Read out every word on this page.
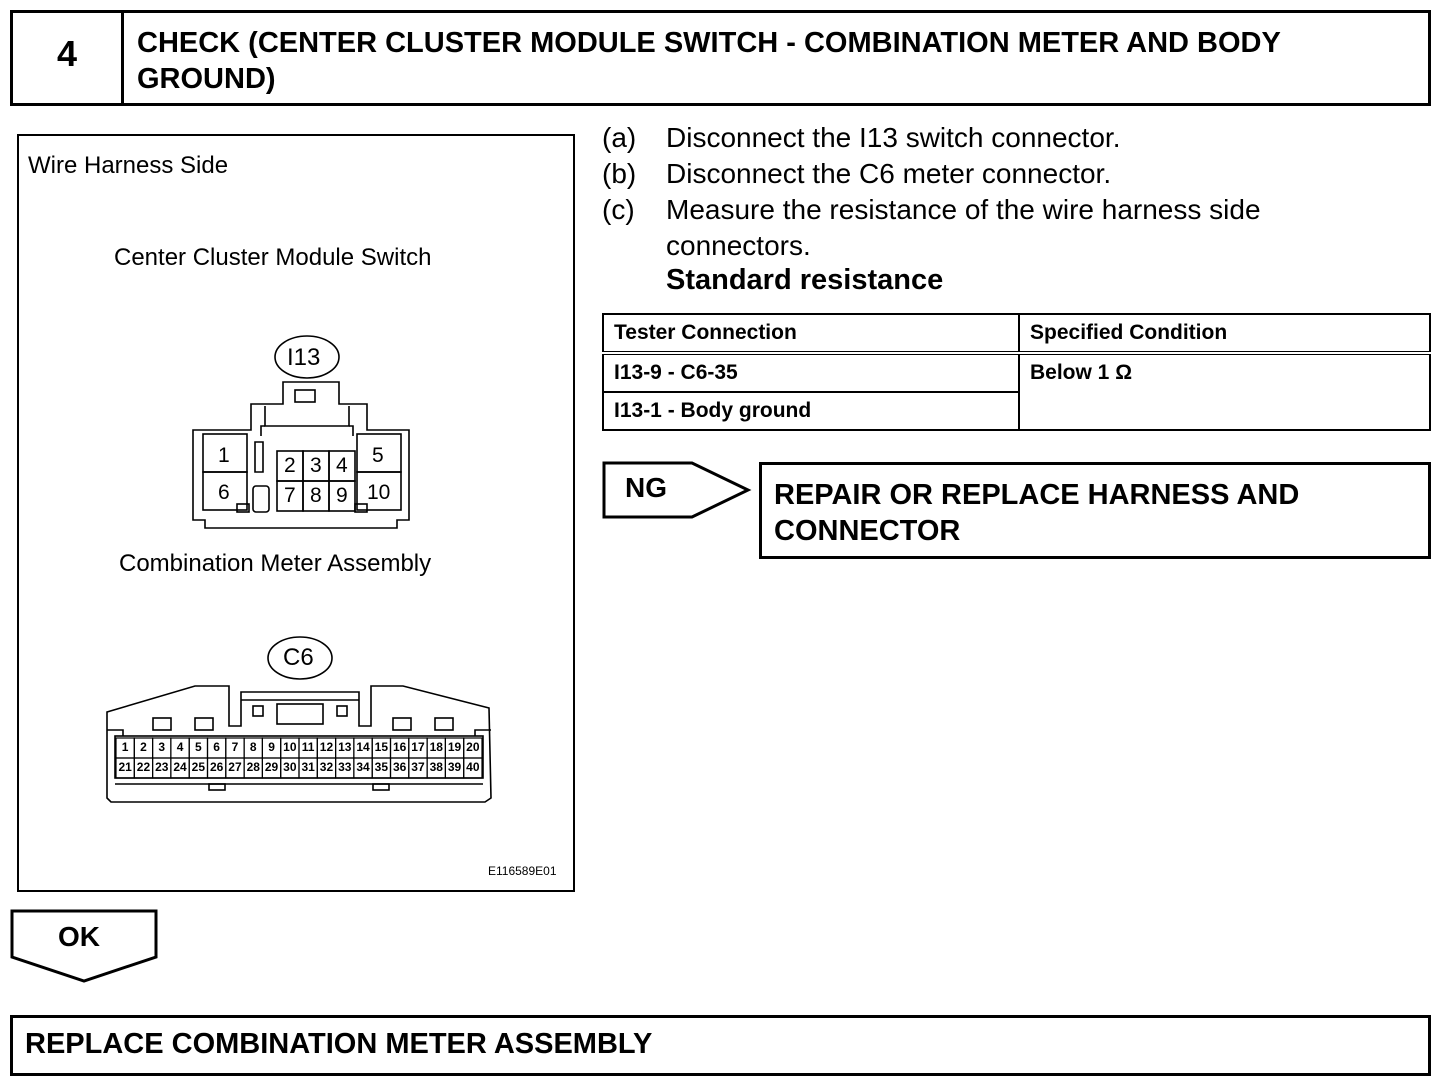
4	CHECK (CENTER CLUSTER MODULE SWITCH - COMBINATION METER AND BODY GROUND)
Wire Harness Side
Center Cluster Module Switch
Combination Meter Assembly
I13
1
6
5
10
2 3 4
7 8 9
C6
1 2 3 4 5 6 7 8 9 10 11 12 13 14 15 16 17 18 19 20
21 22 23 24 25 26 27 28 29 30 31 32 33 34 35 36 37 38 39 40
E116589E01
(a) Disconnect the I13 switch connector.
(b) Disconnect the C6 meter connector.
(c) Measure the resistance of the wire harness side
connectors.
Standard resistance
Tester Connection	Specified Condition
I13-9 - C6-35	Below 1 Ω
I13-1 - Body ground	
NG	REPAIR OR REPLACE HARNESS AND CONNECTOR
OK
REPLACE COMBINATION METER ASSEMBLY
